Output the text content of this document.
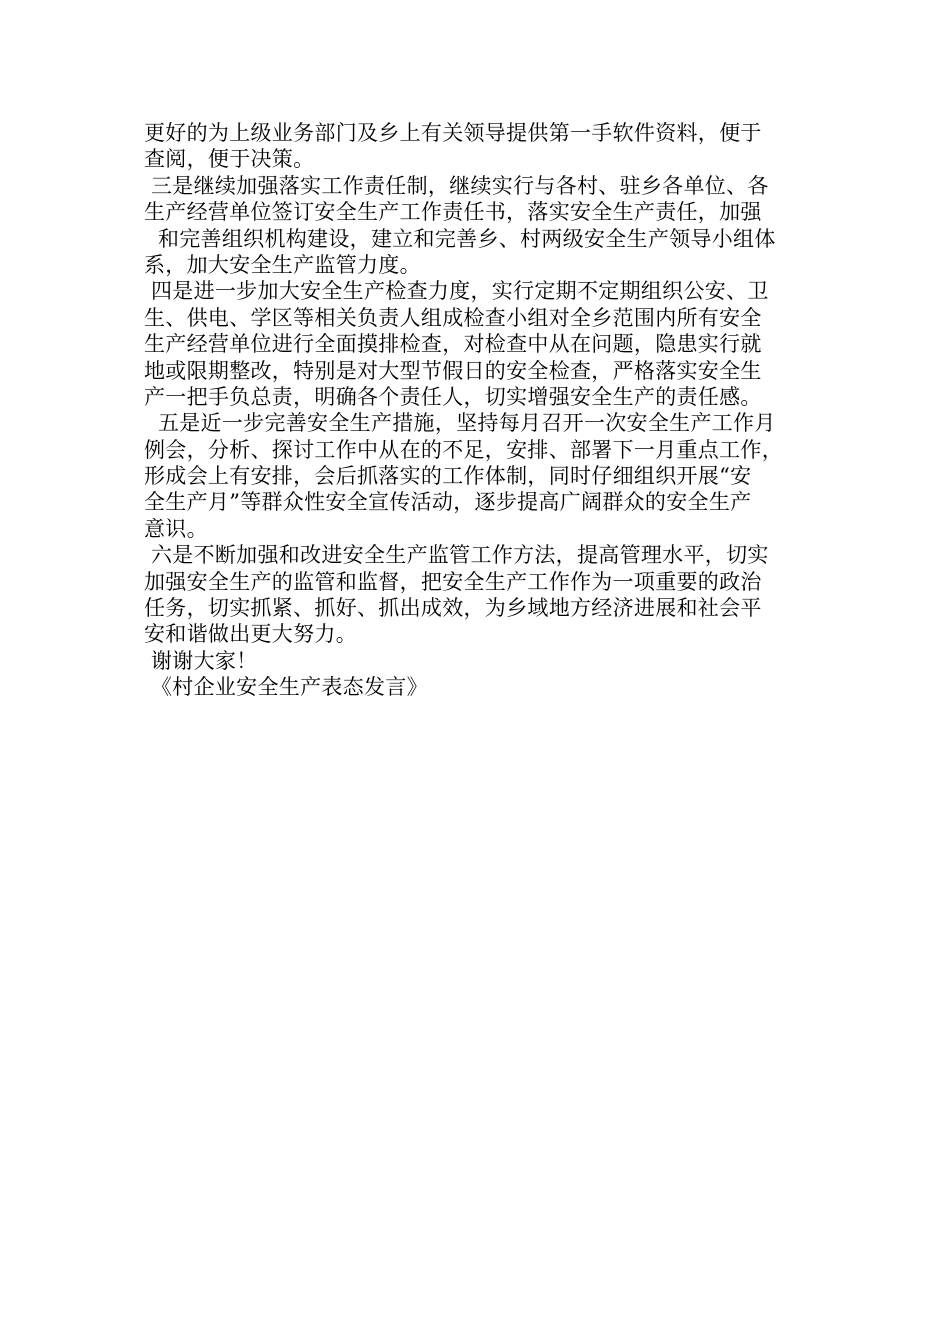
更好的为上级业务部门及乡上有关领导提供第一手软件资料，便于
查阅，便于决策。
三是继续加强落实工作责任制，继续实行与各村、驻乡各单位、各
生产经营单位签订安全生产工作责任书，落实安全生产责任，加强
和完善组织机构建设，建立和完善乡、村两级安全生产领导小组体
系，加大安全生产监管力度。
四是进一步加大安全生产检查力度，实行定期不定期组织公安、卫
生、供电、学区等相关负责人组成检查小组对全乡范围内所有安全
生产经营单位进行全面摸排检查，对检查中从在问题，隐患实行就
地或限期整改，特别是对大型节假日的安全检查，严格落实安全生
产一把手负总责，明确各个责任人，切实增强安全生产的责任感。
五是近一步完善安全生产措施，坚持每月召开一次安全生产工作月
例会，分析、探讨工作中从在的不足，安排、部署下一月重点工作，
形成会上有安排，会后抓落实的工作体制，同时仔细组织开展“安
全生产月”等群众性安全宣传活动，逐步提高广阔群众的安全生产
意识。
六是不断加强和改进安全生产监管工作方法，提高管理水平，切实
加强安全生产的监管和监督，把安全生产工作作为一项重要的政治
任务，切实抓紧、抓好、抓出成效，为乡域地方经济进展和社会平
安和谐做出更大努力。
谢谢大家！
《村企业安全生产表态发言》
